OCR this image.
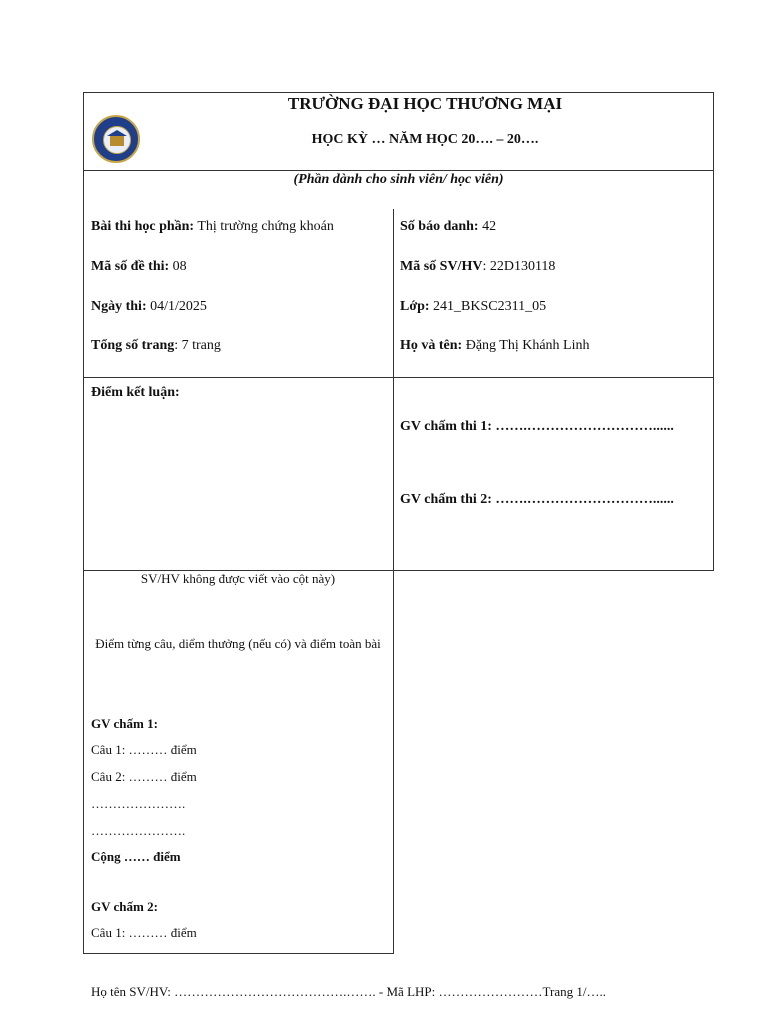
TRƯỜNG ĐẠI HỌC THƯƠNG MẠI
HỌC KỲ … NĂM HỌC 20…. – 20….
(Phần dành cho sinh viên/ học viên)
Bài thi học phần: Thị trường chứng khoán
Mã số đề thi: 08
Ngày thi: 04/1/2025
Tổng số trang: 7 trang
Số báo danh: 42
Mã số SV/HV: 22D130118
Lớp: 241_BKSC2311_05
Họ và tên: Đặng Thị Khánh Linh
Điểm kết luận:
GV chấm thi 1: …….………………………......
GV chấm thi 2: …….………………………......
SV/HV không được viết vào cột này)
Điểm từng câu, diểm thưởng (nếu có) và điểm toàn bài
GV chấm 1:
Câu 1: ……… điểm
Câu 2: ……… điểm
………………….
………………….
Cộng …… điểm
GV chấm 2:
Câu 1: ……… điểm
Họ tên SV/HV: ………………………………….……. - Mã LHP: ……………………Trang 1/…..
